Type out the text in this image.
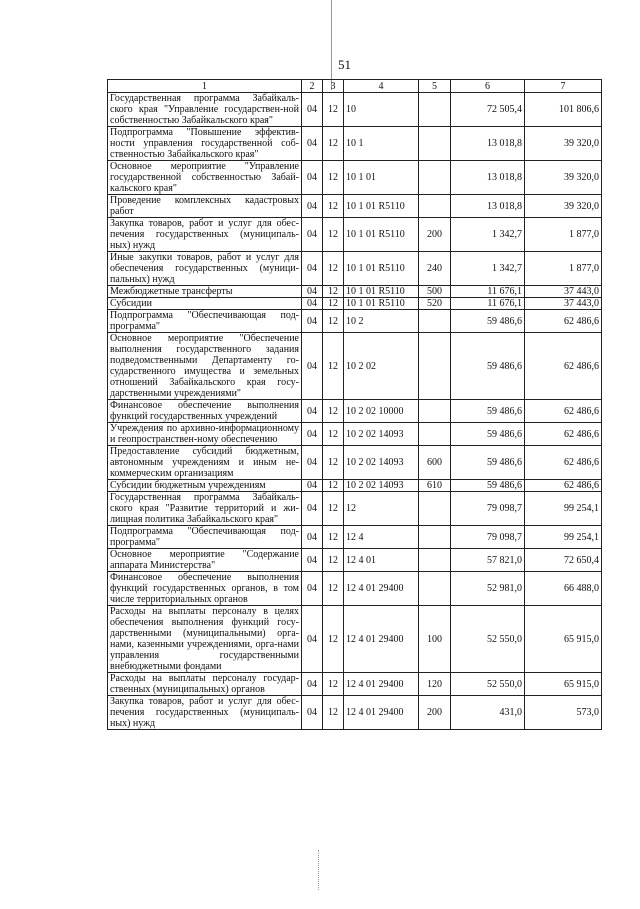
51
1	2	3	4	5	6	7
Государственная программа Забайкаль-ского края "Управление государствен-ной собственностью Забайкальского края"	04	12	10		72 505,4	101 806,6
Подпрограмма "Повышение эффектив-ности управления государственной соб-ственностью Забайкальского края"	04	12	10 1		13 018,8	39 320,0
Основное мероприятие "Управление государственной собственностью Забай-кальского края"	04	12	10 1 01		13 018,8	39 320,0
Проведение комплексных кадастровых работ	04	12	10 1 01 R5110		13 018,8	39 320,0
Закупка товаров, работ и услуг для обес-печения государственных (муниципаль-ных) нужд	04	12	10 1 01 R5110	200	1 342,7	1 877,0
Иные закупки товаров, работ и услуг для обеспечения государственных (муници-пальных) нужд	04	12	10 1 01 R5110	240	1 342,7	1 877,0
Межбюджетные трансферты	04	12	10 1 01 R5110	500	11 676,1	37 443,0
Субсидии	04	12	10 1 01 R5110	520	11 676,1	37 443,0
Подпрограмма "Обеспечивающая под-программа"	04	12	10 2		59 486,6	62 486,6
Основное мероприятие "Обеспечение выполнения государственного задания подведомственными Департаменту го-сударственного имущества и земельных отношений Забайкальского края госу-дарственными учреждениями"	04	12	10 2 02		59 486,6	62 486,6
Финансовое обеспечение выполнения функций государственных учреждений	04	12	10 2 02 10000		59 486,6	62 486,6
Учреждения по архивно-информационному и геопространствен-ному обеспечению	04	12	10 2 02 14093		59 486,6	62 486,6
Предоставление субсидий бюджетным, автономным учреждениям и иным не-коммерческим организациям	04	12	10 2 02 14093	600	59 486,6	62 486,6
Субсидии бюджетным учреждениям	04	12	10 2 02 14093	610	59 486,6	62 486,6
Государственная программа Забайкаль-ского края "Развитие территорий и жи-лищная политика Забайкальского края"	04	12	12		79 098,7	99 254,1
Подпрограмма "Обеспечивающая под-программа"	04	12	12 4		79 098,7	99 254,1
Основное мероприятие "Содержание аппарата Министерства"	04	12	12 4 01		57 821,0	72 650,4
Финансовое обеспечение выполнения функций государственных органов, в том числе территориальных органов	04	12	12 4 01 29400		52 981,0	66 488,0
Расходы на выплаты персоналу в целях обеспечения выполнения функций госу-дарственными (муниципальными) орга-нами, казенными учреждениями, орга-нами управления государственными внебюджетными фондами	04	12	12 4 01 29400	100	52 550,0	65 915,0
Расходы на выплаты персоналу государ-ственных (муниципальных) органов	04	12	12 4 01 29400	120	52 550,0	65 915,0
Закупка товаров, работ и услуг для обес-печения государственных (муниципаль-ных) нужд	04	12	12 4 01 29400	200	431,0	573,0
